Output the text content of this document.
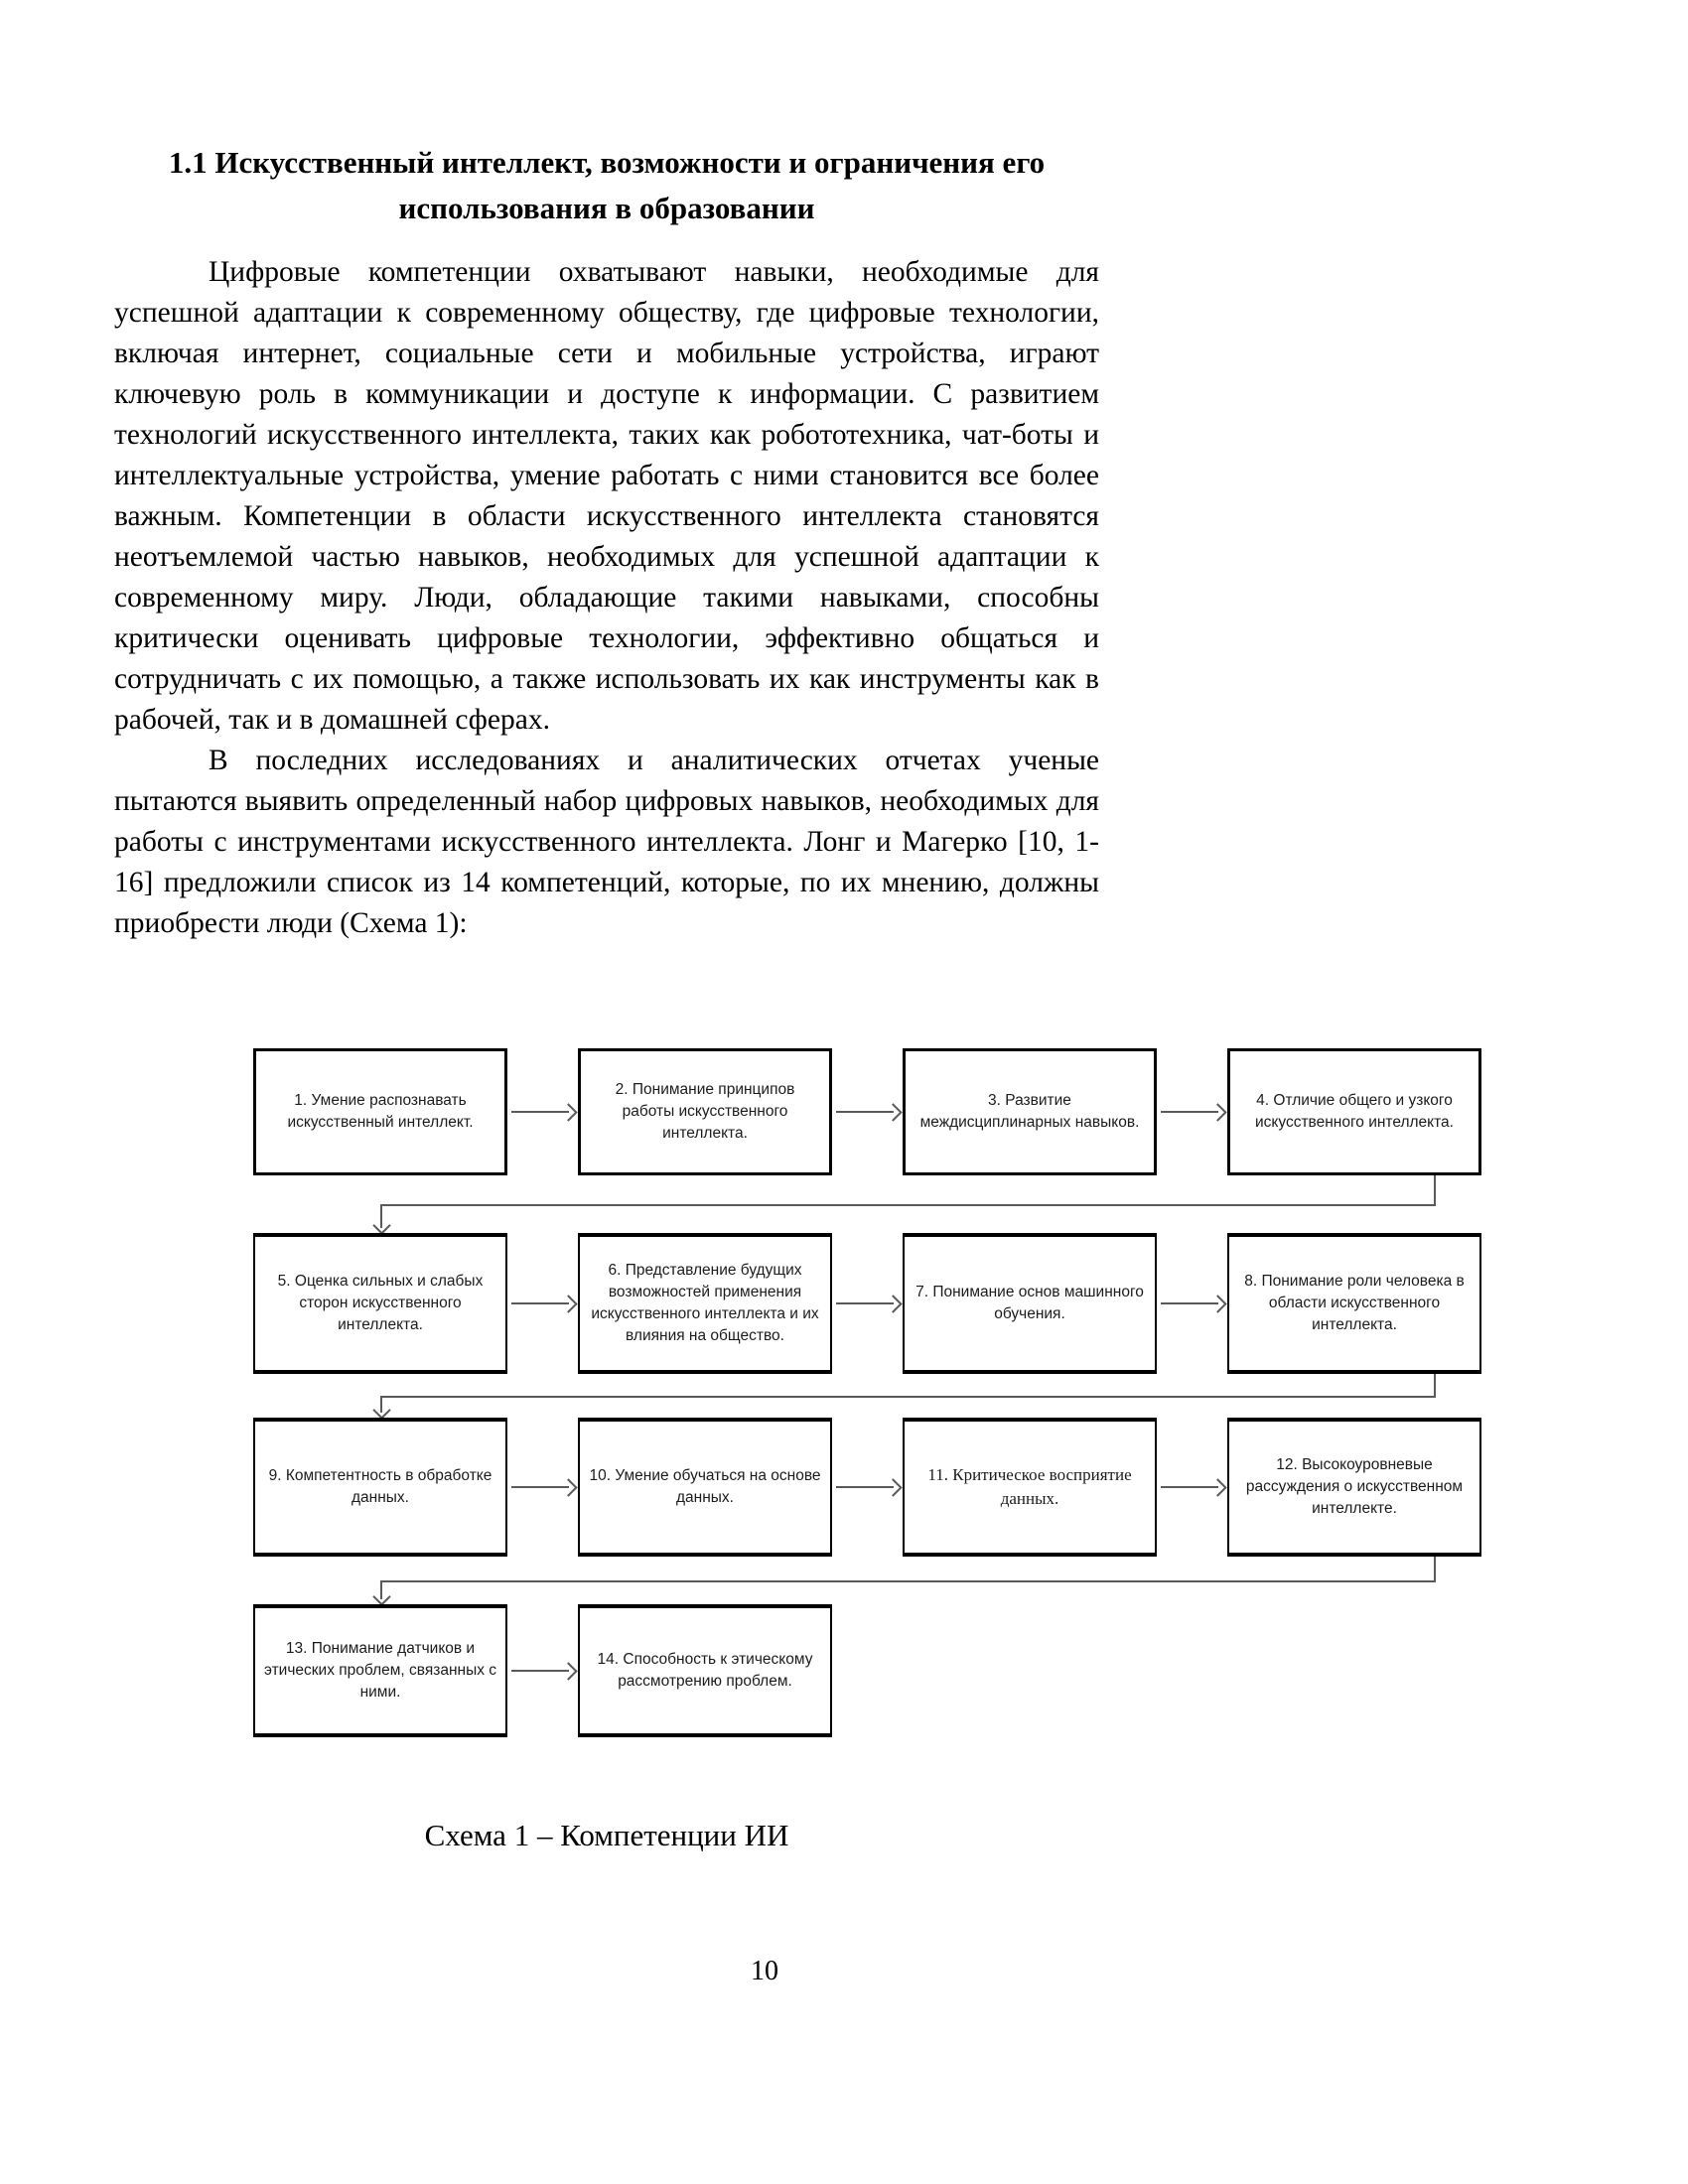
1.1 Искусственный интеллект, возможности и ограничения его использования в образовании

Цифровые компетенции охватывают навыки, необходимые для успешной адаптации к современному обществу, где цифровые технологии, включая интернет, социальные сети и мобильные устройства, играют ключевую роль в коммуникации и доступе к информации. С развитием технологий искусственного интеллекта, таких как робототехника, чат-боты и интеллектуальные устройства, умение работать с ними становится все более важным. Компетенции в области искусственного интеллекта становятся неотъемлемой частью навыков, необходимых для успешной адаптации к современному миру. Люди, обладающие такими навыками, способны критически оценивать цифровые технологии, эффективно общаться и сотрудничать с их помощью, а также использовать их как инструменты как в рабочей, так и в домашней сферах.

В последних исследованиях и аналитических отчетах ученые пытаются выявить определенный набор цифровых навыков, необходимых для работы с инструментами искусственного интеллекта. Лонг и Магерко [10, 1-16] предложили список из 14 компетенций, которые, по их мнению, должны приобрести люди (Схема 1):

1. Умение распознавать искусственный интеллект.
2. Понимание принципов работы искусственного интеллекта.
3. Развитие междисциплинарных навыков.
4. Отличие общего и узкого искусственного интеллекта.
5. Оценка сильных и слабых сторон искусственного интеллекта.
6. Представление будущих возможностей применения искусственного интеллекта и их влияния на общество.
7. Понимание основ машинного обучения.
8. Понимание роли человека в области искусственного интеллекта.
9. Компетентность в обработке данных.
10. Умение обучаться на основе данных.
11. Критическое восприятие данных.
12. Высокоуровневые рассуждения о искусственном интеллекте.
13. Понимание датчиков и этических проблем, связанных с ними.
14. Способность к этическому рассмотрению проблем.
Схема 1 – Компетенции ИИ
10
